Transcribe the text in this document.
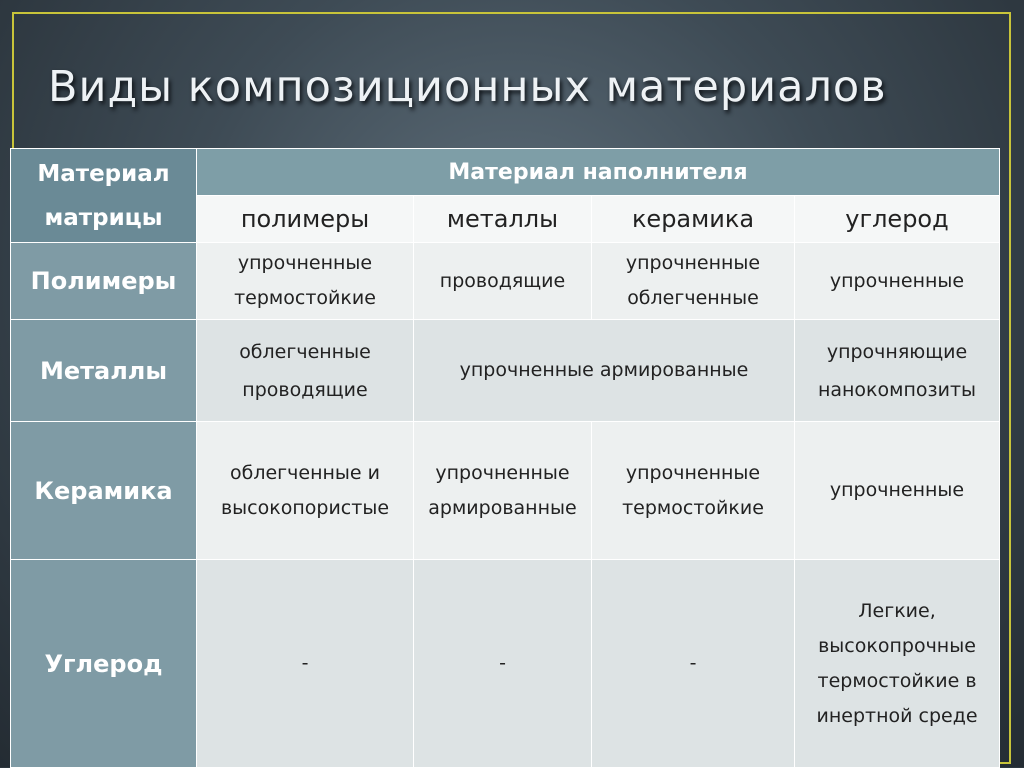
Виды композиционных материалов
Материал матрицы	Материал наполнителя			
	полимеры	металлы	керамика	углерод
Полимеры	упрочненные термостойкие	проводящие	упрочненные облегченные	упрочненные
Металлы	облегченные проводящие	упрочненные армированные		упрочняющие нанокомпозиты
Керамика	облегченные и высокопористые	упрочненные армированные	упрочненные термостойкие	упрочненные
Углерод	-	-	-	Легкие, высокопрочные термостойкие в инертной среде
